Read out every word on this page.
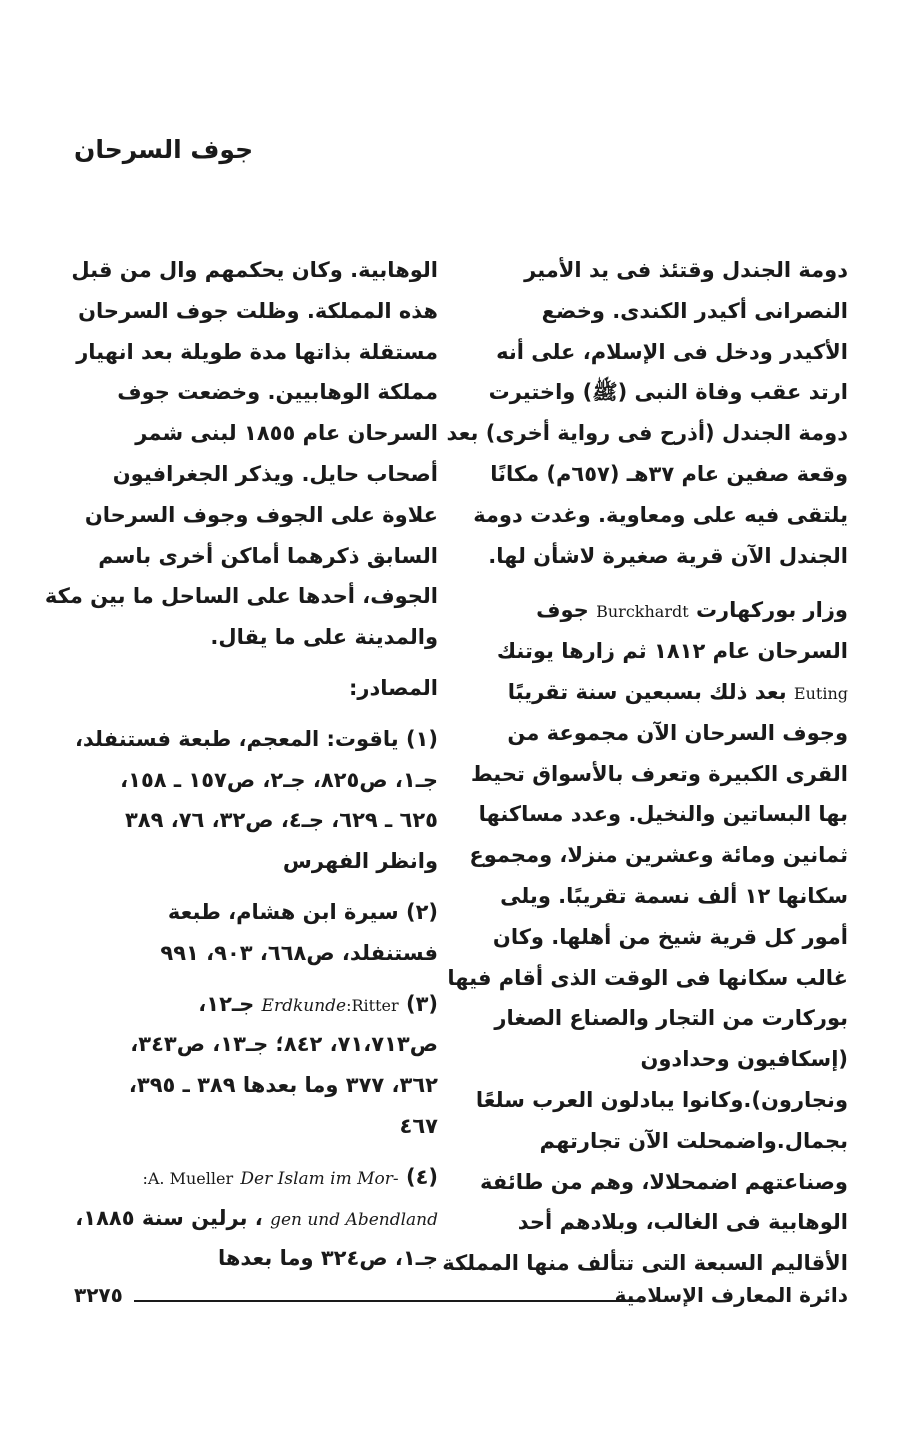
جوف السرحان
دومة الجندل وقتئذ فى يد الأمير
النصرانى أكيدر الكندى. وخضع
الأكيدر ودخل فى الإسلام، على أنه
ارتد عقب وفاة النبى (ﷺ) واختيرت
دومة الجندل (أذرح فى رواية أخرى) بعد
وقعة صفين عام ٣٧هـ (٦٥٧م) مكانًا
يلتقى فيه على ومعاوية. وغدت دومة
الجندل الآن قرية صغيرة لاشأن لها.
وزار بوركهارت Burckhardt جوف
السرحان عام ١٨١٢ ثم زارها يوتنك
Euting بعد ذلك بسبعين سنة تقريبًا
وجوف السرحان الآن مجموعة من
القرى الكبيرة وتعرف بالأسواق تحيط
بها البساتين والنخيل. وعدد مساكنها
ثمانين ومائة وعشرين منزلا، ومجموع
سكانها ١٢ ألف نسمة تقريبًا. ويلى
أمور كل قرية شيخ من أهلها. وكان
غالب سكانها فى الوقت الذى أقام فيها
بوركارت من التجار والصناع الصغار
(إسكافيون وحدادون
ونجارون).وكانوا يبادلون العرب سلعًا
بجمال.واضمحلت الآن تجارتهم
وصناعتهم اضمحلالا، وهم من طائفة
الوهابية فى الغالب، وبلادهم أحد
الأقاليم السبعة التى تتألف منها المملكة
الوهابية. وكان يحكمهم وال من قبل
هذه المملكة. وظلت جوف السرحان
مستقلة بذاتها مدة طويلة بعد انهيار
مملكة الوهابيين. وخضعت جوف
السرحان عام ١٨٥٥ لبنى شمر
أصحاب حايل. ويذكر الجغرافيون
علاوة على الجوف وجوف السرحان
السابق ذكرهما أماكن أخرى باسم
الجوف، أحدها على الساحل ما بين مكة
والمدينة على ما يقال.
المصادر:
(١) ياقوت: المعجم، طبعة فستنفلد،
جـ١، ص٨٢٥، جـ٢، ص١٥٧ ـ ١٥٨،
٦٢٥ ـ ٦٢٩، جـ٤، ص٣٢، ٧٦، ٣٨٩
وانظر الفهرس
(٢) سيرة ابن هشام، طبعة
فستنفلد، ص٦٦٨، ٩٠٣، ٩٩١
(٣) Erdkunde:Ritter جـ١٢،
ص٧١،٧١٣، ٨٤٢؛ جـ١٣، ص٣٤٣،
٣٦٢، ٣٧٧ وما بعدها ٣٨٩ ـ ٣٩٥،
٤٦٧
(٤) :A. Mueller Der Islam im Mor-
gen und Abendland ، برلين سنة ١٨٨٥،
جـ١، ص٣٢٤ وما بعدها
٣٢٧٥	دائرة المعارف الإسلامية
